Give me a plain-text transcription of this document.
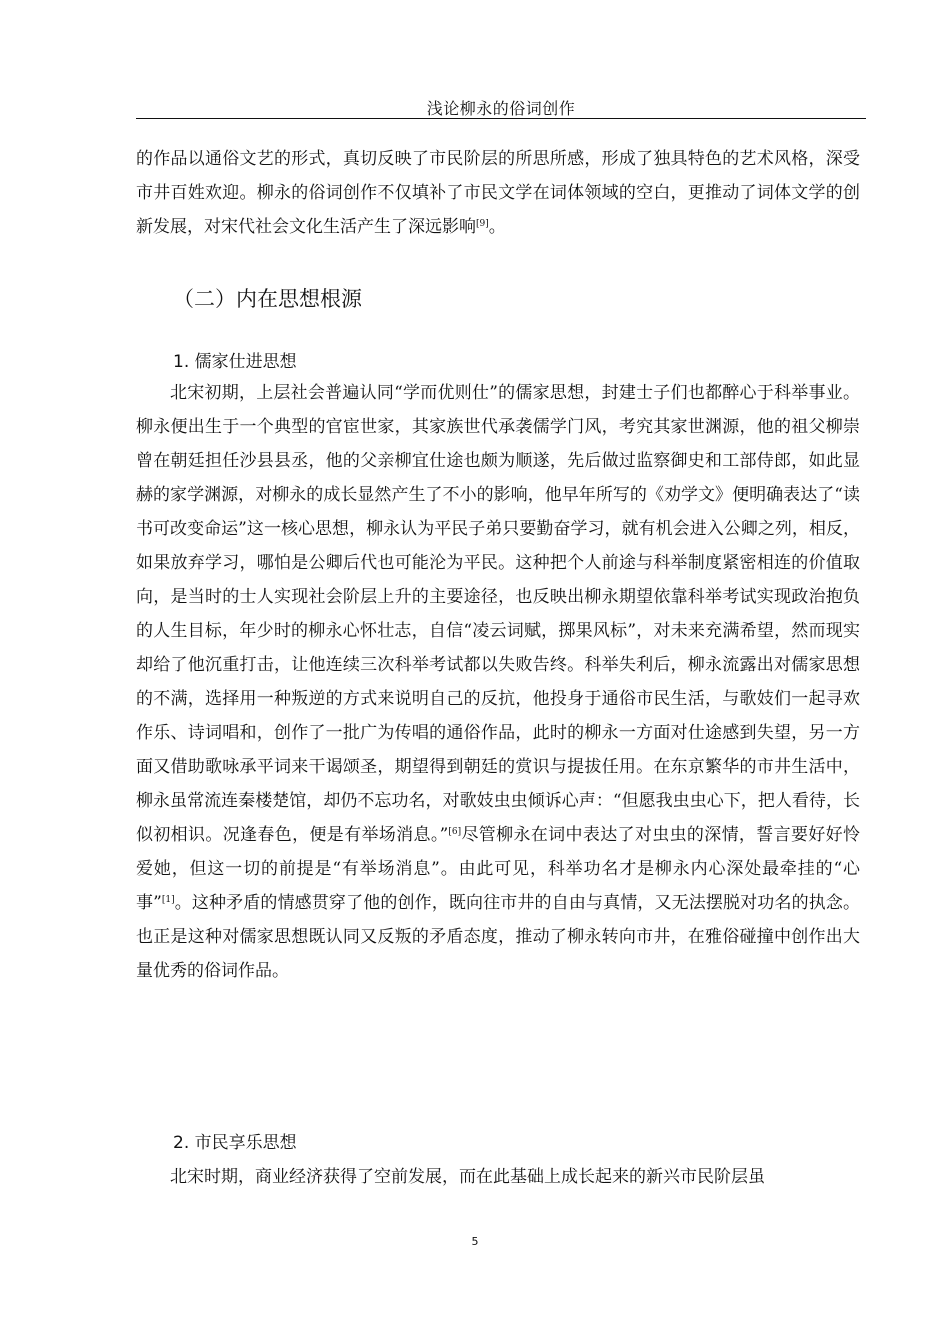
浅论柳永的俗词创作

的作品以通俗文艺的形式，真切反映了市民阶层的所思所感，形成了独具特色的艺术风格，深受市井百姓欢迎。柳永的俗词创作不仅填补了市民文学在词体领域的空白，更推动了词体文学的创新发展，对宋代社会文化生活产生了深远影响[9]。

（二）内在思想根源
1. 儒家仕进思想

北宋初期，上层社会普遍认同“学而优则仕”的儒家思想，封建士子们也都醉心于科举事业。柳永便出生于一个典型的官宦世家，其家族世代承袭儒学门风，考究其家世渊源，他的祖父柳崇曾在朝廷担任沙县县丞，他的父亲柳宜仕途也颇为顺遂，先后做过监察御史和工部侍郎，如此显赫的家学渊源，对柳永的成长显然产生了不小的影响，他早年所写的《劝学文》便明确表达了“读书可改变命运”这一核心思想，柳永认为平民子弟只要勤奋学习，就有机会进入公卿之列，相反，如果放弃学习，哪怕是公卿后代也可能沦为平民。这种把个人前途与科举制度紧密相连的价值取向，是当时的士人实现社会阶层上升的主要途径，也反映出柳永期望依靠科举考试实现政治抱负的人生目标，年少时的柳永心怀壮志，自信“凌云词赋，掷果风标”，对未来充满希望，然而现实却给了他沉重打击，让他连续三次科举考试都以失败告终。科举失利后，柳永流露出对儒家思想的不满，选择用一种叛逆的方式来说明自己的反抗，他投身于通俗市民生活，与歌妓们一起寻欢作乐、诗词唱和，创作了一批广为传唱的通俗作品，此时的柳永一方面对仕途感到失望，另一方面又借助歌咏承平词来干谒颂圣，期望得到朝廷的赏识与提拔任用。在东京繁华的市井生活中，柳永虽常流连秦楼楚馆，却仍不忘功名，对歌妓虫虫倾诉心声：“但愿我虫虫心下，把人看待，长似初相识。况逢春色，便是有举场消息。”[6]尽管柳永在词中表达了对虫虫的深情，誓言要好好怜爱她，但这一切的前提是“有举场消息”。由此可见，科举功名才是柳永内心深处最牵挂的“心事”[1]。这种矛盾的情感贯穿了他的创作，既向往市井的自由与真情，又无法摆脱对功名的执念。也正是这种对儒家思想既认同又反叛的矛盾态度，推动了柳永转向市井，在雅俗碰撞中创作出大量优秀的俗词作品。

2. 市民享乐思想

北宋时期，商业经济获得了空前发展，而在此基础上成长起来的新兴市民阶层虽

5
